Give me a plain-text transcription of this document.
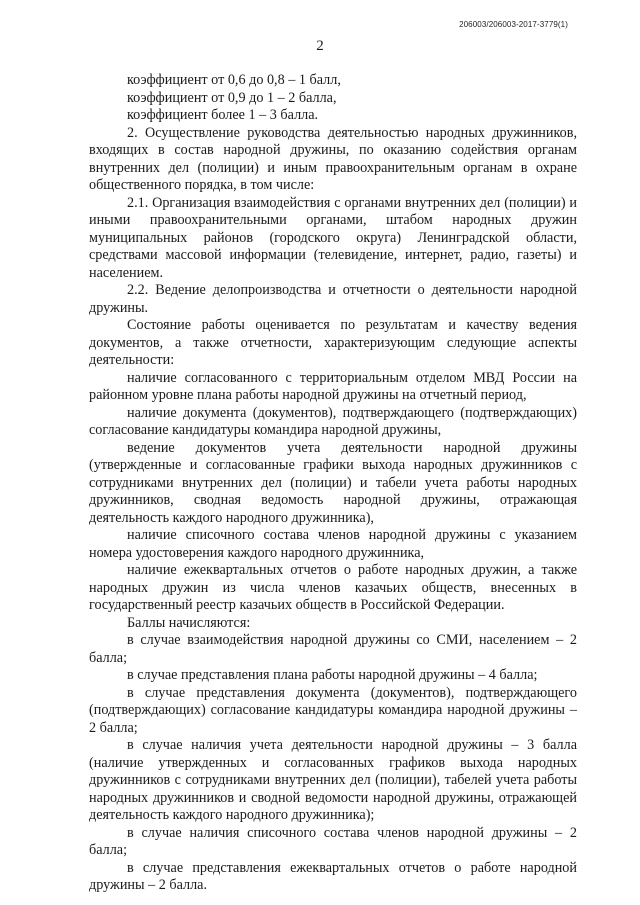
206003/206003-2017-3779(1)
2

коэффициент от 0,6 до 0,8 – 1 балл,

коэффициент от 0,9 до 1 – 2 балла,

коэффициент более 1 – 3 балла.

2. Осуществление руководства деятельностью народных дружинников, входящих в состав народной дружины, по оказанию содействия органам внутренних дел (полиции) и иным правоохранительным органам в охране общественного порядка, в том числе:

2.1. Организация взаимодействия с органами внутренних дел (полиции) и иными правоохранительными органами, штабом народных дружин муниципальных районов (городского округа) Ленинградской области, средствами массовой информации (телевидение, интернет, радио, газеты) и населением.

2.2. Ведение делопроизводства и отчетности о деятельности народной дружины.

Состояние работы оценивается по результатам и качеству ведения документов, а также отчетности, характеризующим следующие аспекты деятельности:

наличие согласованного с территориальным отделом МВД России на районном уровне плана работы народной дружины на отчетный период,

наличие документа (документов), подтверждающего (подтверждающих) согласование кандидатуры командира народной дружины,

ведение документов учета деятельности народной дружины (утвержденные и согласованные графики выхода народных дружинников с сотрудниками внутренних дел (полиции) и табели учета работы народных дружинников, сводная ведомость народной дружины, отражающая деятельность каждого народного дружинника),

наличие списочного состава членов народной дружины с указанием номера удостоверения каждого народного дружинника,

наличие ежеквартальных отчетов о работе народных дружин, а также народных дружин из числа членов казачьих обществ, внесенных в государственный реестр казачьих обществ в Российской Федерации.

Баллы начисляются:

в случае взаимодействия народной дружины со СМИ, населением – 2 балла;

в случае представления плана работы народной дружины – 4 балла;

в случае представления документа (документов), подтверждающего (подтверждающих) согласование кандидатуры командира народной дружины – 2 балла;

в случае наличия учета деятельности народной дружины – 3 балла (наличие утвержденных и согласованных графиков выхода народных дружинников с сотрудниками внутренних дел (полиции), табелей учета работы народных дружинников и сводной ведомости народной дружины, отражающей деятельность каждого народного дружинника);

в случае наличия списочного состава членов народной дружины – 2 балла;

в случае представления ежеквартальных отчетов о работе народной дружины – 2 балла.
